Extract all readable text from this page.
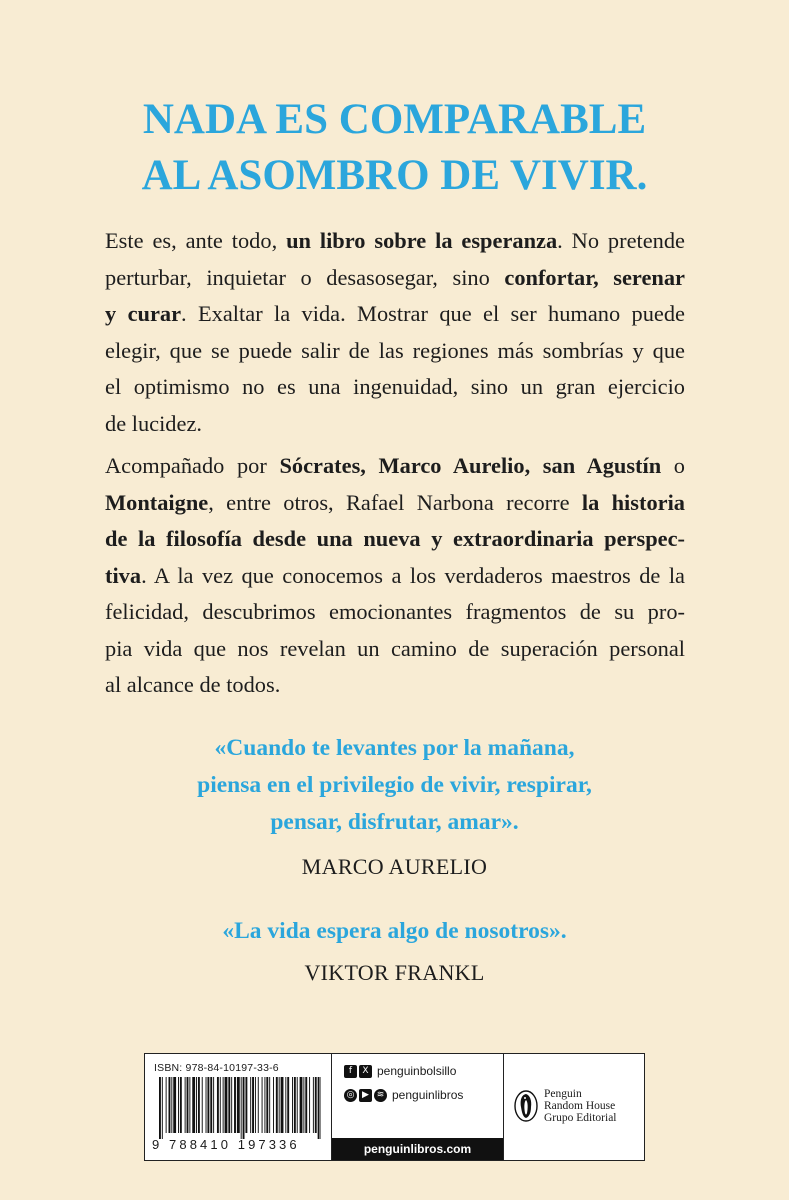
NADA ES COMPARABLE
AL ASOMBRO DE VIVIR.
Este es, ante todo, un libro sobre la esperanza. No pretende
perturbar, inquietar o desasosegar, sino confortar, serenar
y curar. Exaltar la vida. Mostrar que el ser humano puede
elegir, que se puede salir de las regiones más sombrías y que
el optimismo no es una ingenuidad, sino un gran ejercicio
de lucidez.
Acompañado por Sócrates, Marco Aurelio, san Agustín o
Montaigne, entre otros, Rafael Narbona recorre la historia
de la filosofía desde una nueva y extraordinaria perspec-
tiva. A la vez que conocemos a los verdaderos maestros de la
felicidad, descubrimos emocionantes fragmentos de su pro-
pia vida que nos revelan un camino de superación personal
al alcance de todos.
«Cuando te levantes por la mañana,
piensa en el privilegio de vivir, respirar,
pensar, disfrutar, amar».
MARCO AURELIO
«La vida espera algo de nosotros».
VIKTOR FRANKL
ISBN: 978-84-10197-33-6
9 788410 197336
f	X penguinbolsillo
◎ ▶ ≋ penguinlibros
penguinlibros.com
Penguin
Random House
Grupo Editorial
